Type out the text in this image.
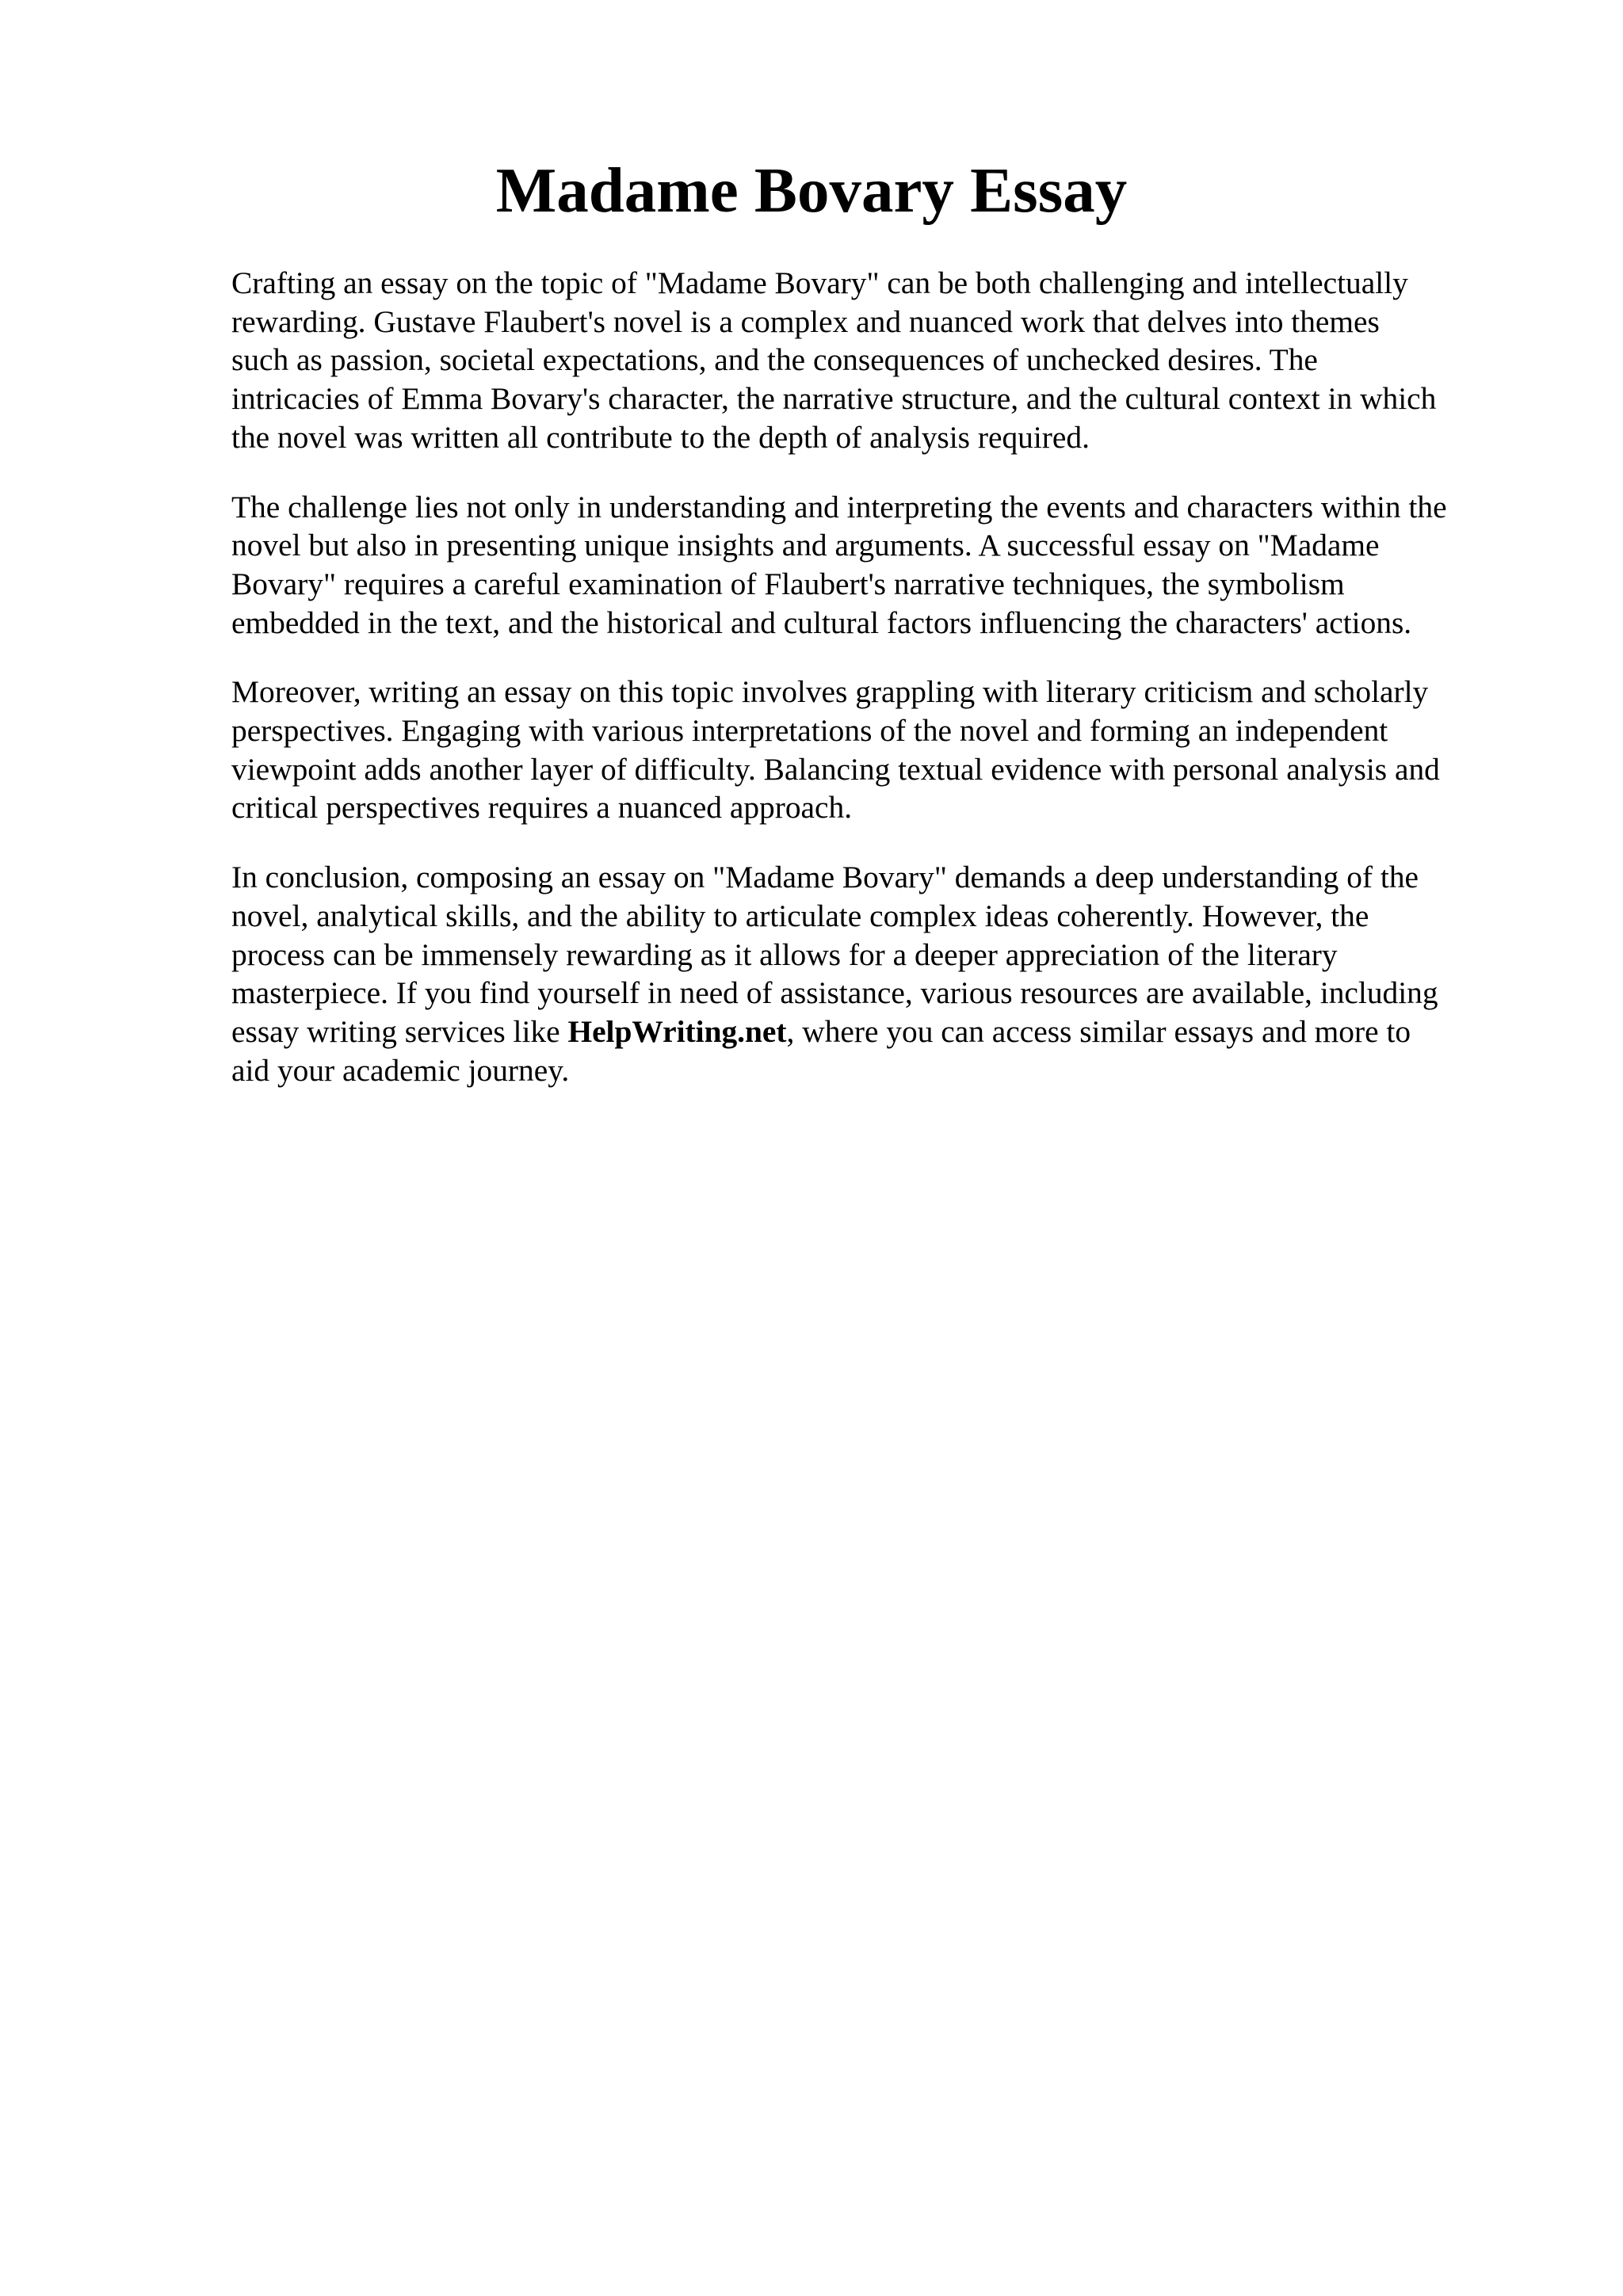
Madame Bovary Essay

Crafting an essay on the topic of "Madame Bovary" can be both challenging and intellectually
rewarding. Gustave Flaubert's novel is a complex and nuanced work that delves into themes
such as passion, societal expectations, and the consequences of unchecked desires. The
intricacies of Emma Bovary's character, the narrative structure, and the cultural context in which
the novel was written all contribute to the depth of analysis required.

The challenge lies not only in understanding and interpreting the events and characters within the
novel but also in presenting unique insights and arguments. A successful essay on "Madame
Bovary" requires a careful examination of Flaubert's narrative techniques, the symbolism
embedded in the text, and the historical and cultural factors influencing the characters' actions.

Moreover, writing an essay on this topic involves grappling with literary criticism and scholarly
perspectives. Engaging with various interpretations of the novel and forming an independent
viewpoint adds another layer of difficulty. Balancing textual evidence with personal analysis and
critical perspectives requires a nuanced approach.

In conclusion, composing an essay on "Madame Bovary" demands a deep understanding of the
novel, analytical skills, and the ability to articulate complex ideas coherently. However, the
process can be immensely rewarding as it allows for a deeper appreciation of the literary
masterpiece. If you find yourself in need of assistance, various resources are available, including
essay writing services like HelpWriting.net, where you can access similar essays and more to
aid your academic journey.
